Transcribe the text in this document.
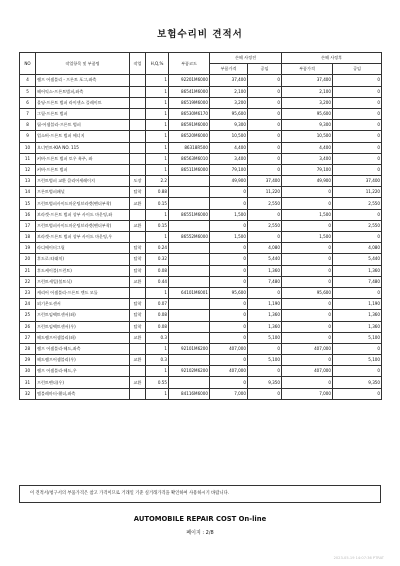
보험수리비 견적서
NO	작업항목 및 부품명	작업	H,Q,%	부품코드	손해 사정전		손해 사정후	
					부품가격	공임	부품가격	공임
4	램프 어셈블리 - 프론트 포그,좌측		1	92201M6000	37,400	0	37,400	0
5	헤어익스-프론트범퍼,좌측		1	86541M6000	2,100	0	2,100	0
6	몰딩-프론트 범퍼 라이센스 플레이트		1	86519M6000	3,200	0	3,200	0
7	그릴-프론트 범퍼		1	86530M6170	95,600	0	95,600	0
8	립-어셈블리-프론트 범퍼		1	86591M6000	9,300	0	9,300	0
9	업소버-프론트 범퍼 에너지		1	86520M6000	10,500	0	10,500	0
10	오너먼트-KIA NO. 115		1	86318R500	4,400	0	4,400	0
11	커버-프론트 범퍼 토우 훅주, 좌		1	86563M6010	3,400	0	3,400	0
12	커버-프론트 범퍼		1	86511M6000	79,100	0	79,100	0
13	프런트범퍼 교환 클리어세레이지	도장	2.2		49,900	37,400	49,900	37,400
14	프론트범퍼패널	탈착	0.88		0	11,220	0	11,220
15	프런트범퍼사이드마운팅브라켓(펜더부착)	교환	0.15		0	2,550	0	2,550
16	브라켓-프론트 범퍼 상부 사이드 마운팅,좌		1	86551M6000	1,500	0	1,500	0
17	프런트범퍼사이드마운팅브라켓(펜더부착)	교환	0.15		0	2,550	0	2,550
18	브라켓-프론트 범퍼 상부 사이드 마운팅,우		1	86552M6000	1,500	0	1,500	0
19	라디에이터그릴	탈착	0.24		0	4,080	0	4,080
20	후드로크(래치)	탈착	0.32		0	5,440	0	5,440
21	후드케이블(프런트)	탈착	0.08		0	1,360	0	1,360
22	프런트세일(볼트식)	교환	0.44		0	7,480	0	7,480
23	캐리어 어셈블리-프론트 엔드 모듈		1	64101M6001	95,600	0	95,600	0
24	외기온도센서	탈착	0.07		0	1,190	0	1,190
25	프런트임팩트센서(좌)	탈착	0.08		0	1,360	0	1,360
26	프런트임팩트센서(우)	탈착	0.08		0	1,360	0	1,360
27	헤드램프어셈블리(좌)	교환	0.3		0	5,100	0	5,100
28	램프 어셈블리-헤드,좌측		1	92101M6200	407,000	0	407,000	0
29	헤드램프어셈블리(우)	교환	0.3		0	5,100	0	5,100
30	램프 어셈블리-헤드,우		1	92102M6200	407,000	0	407,000	0
31	프런트펜더(우)	교환	0.55		0	9,350	0	9,350
32	엠블레마터-휀더,좌측		1	84116M6000	7,000	0	7,000	0
이 견적서/청구서의 부품가격은 참고 가격이므로 거래일 기준 실거래가격을 확인하여 사용하시기 바랍니다.
AUTOMOBILE REPAIR COST On-line
페이지 : 2/8
2023-05-19 14:07:36 PTRAT
